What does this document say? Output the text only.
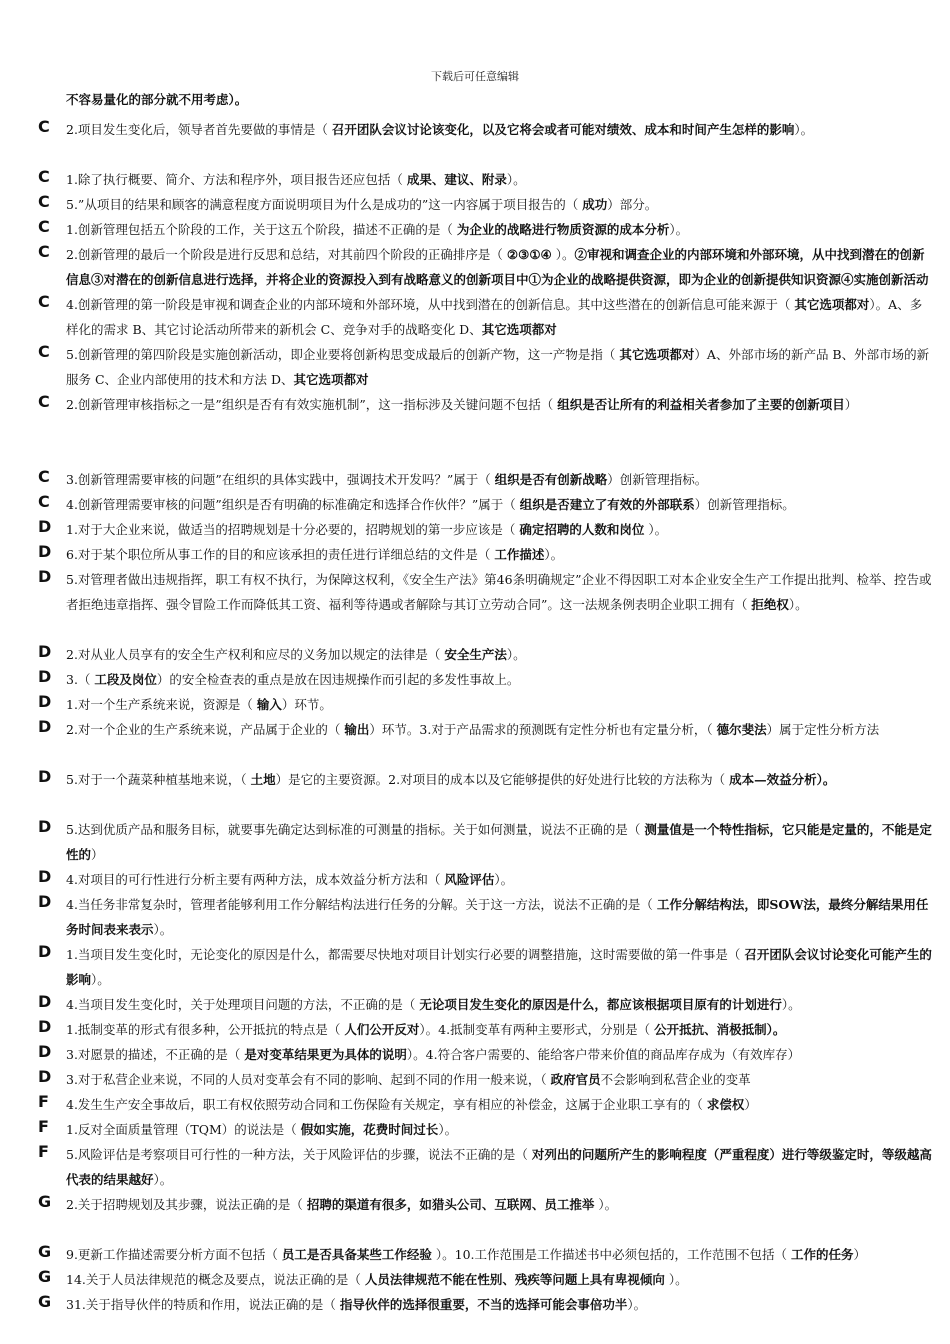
下载后可任意编辑
不容易量化的部分就不用考虑）。
C	2.项目发生变化后，领导者首先要做的事情是（ 召开团队会议讨论该变化，以及它将会或者可能对绩效、成本和时间产生怎样的影响）。
C	1.除了执行概要、简介、方法和程序外，项目报告还应包括（ 成果、建议、附录）。
C	5.”从项目的结果和顾客的满意程度方面说明项目为什么是成功的”这一内容属于项目报告的（ 成功）部分。
C	1.创新管理包括五个阶段的工作，关于这五个阶段，描述不正确的是（ 为企业的战略进行物质资源的成本分析）。
C	2.创新管理的最后一个阶段是进行反思和总结，对其前四个阶段的正确排序是（ ②③①④ ）。②审视和调查企业的内部环境和外部环境，从中找到潜在的创新信息③对潜在的创新信息进行选择，并将企业的资源投入到有战略意义的创新项目中①为企业的战略提供资源，即为企业的创新提供知识资源④实施创新活动
C	4.创新管理的第一阶段是审视和调查企业的内部环境和外部环境，从中找到潜在的创新信息。其中这些潜在的创新信息可能来源于（ 其它选项都对）。A、多样化的需求 B、其它讨论活动所带来的新机会 C、竞争对手的战略变化 D、其它选项都对
C	5.创新管理的第四阶段是实施创新活动，即企业要将创新构思变成最后的创新产物，这一产物是指（ 其它选项都对）A、外部市场的新产品 B、外部市场的新服务 C、企业内部使用的技术和方法 D、其它选项都对
C	2.创新管理审核指标之一是”组织是否有有效实施机制”，这一指标涉及关键问题不包括（ 组织是否让所有的利益相关者参加了主要的创新项目）
C	3.创新管理需要审核的问题”在组织的具体实践中，强调技术开发吗？”属于（ 组织是否有创新战略）创新管理指标。
C	4.创新管理需要审核的问题”组织是否有明确的标准确定和选择合作伙伴？”属于（ 组织是否建立了有效的外部联系）创新管理指标。
D 1.对于大企业来说，做适当的招聘规划是十分必要的，招聘规划的第一步应该是（ 确定招聘的人数和岗位 ）。
D 6.对于某个职位所从事工作的目的和应该承担的责任进行详细总结的文件是（ 工作描述）。
D 5.对管理者做出违规指挥，职工有权不执行，为保障这权利，《安全生产法》第46条明确规定”企业不得因职工对本企业安全生产工作提出批判、检举、控告或者拒绝违章指挥、强令冒险工作而降低其工资、福利等待遇或者解除与其订立劳动合同”。这一法规条例表明企业职工拥有（ 拒绝权）。
D 2.对从业人员享有的安全生产权利和应尽的义务加以规定的法律是（ 安全生产法）。
D 3.（ 工段及岗位）的安全检查表的重点是放在因违规操作而引起的多发性事故上。
D 1.对一个生产系统来说，资源是（ 输入）环节。
D 2.对一个企业的生产系统来说，产品属于企业的（ 输出）环节。3.对于产品需求的预测既有定性分析也有定量分析，（ 德尔斐法）属于定性分析方法
D 5.对于一个蔬菜种植基地来说，（ 土地）是它的主要资源。2.对项目的成本以及它能够提供的好处进行比较的方法称为（ 成本—效益分析）。
D 5.达到优质产品和服务目标，就要事先确定达到标准的可测量的指标。关于如何测量，说法不正确的是（ 测量值是一个特性指标，它只能是定量的，不能是定性的）
D 4.对项目的可行性进行分析主要有两种方法，成本效益分析方法和（ 风险评估）。
D 4.当任务非常复杂时，管理者能够利用工作分解结构法进行任务的分解。关于这一方法，说法不正确的是（ 工作分解结构法，即SOW法，最终分解结果用任务时间表来表示）。
D 1.当项目发生变化时，无论变化的原因是什么，都需要尽快地对项目计划实行必要的调整措施，这时需要做的第一件事是（ 召开团队会议讨论变化可能产生的影响）。
D 4.当项目发生变化时，关于处理项目问题的方法，不正确的是（ 无论项目发生变化的原因是什么，都应该根据项目原有的计划进行）。
D 1.抵制变革的形式有很多种，公开抵抗的特点是（ 人们公开反对）。4.抵制变革有两种主要形式，分别是（ 公开抵抗、消极抵制）。
D 3.对愿景的描述，不正确的是（ 是对变革结果更为具体的说明）。4.符合客户需要的、能给客户带来价值的商品库存成为（有效库存）
D 3.对于私营企业来说，不同的人员对变革会有不同的影响、起到不同的作用一般来说，（ 政府官员不会影响到私营企业的变革
F	4.发生生产安全事故后，职工有权依照劳动合同和工伤保险有关规定，享有相应的补偿金，这属于企业职工享有的（ 求偿权）
F	1.反对全面质量管理（TQM）的说法是（ 假如实施，花费时间过长）。
F	5.风险评估是考察项目可行性的一种方法，关于风险评估的步骤，说法不正确的是（ 对列出的问题所产生的影响程度（严重程度）进行等级鉴定时，等级越高代表的结果越好）。
G 2.关于招聘规划及其步骤，说法正确的是（ 招聘的渠道有很多，如猎头公司、互联网、员工推举 ）。
G 9.更新工作描述需要分析方面不包括（ 员工是否具备某些工作经验 ）。10.工作范围是工作描述书中必须包括的，工作范围不包括（ 工作的任务）
G 14.关于人员法律规范的概念及要点，说法正确的是（ 人员法律规范不能在性别、残疾等问题上具有卑视倾向 ）。
G 31.关于指导伙伴的特质和作用，说法正确的是（ 指导伙伴的选择很重要，不当的选择可能会事倍功半）。
